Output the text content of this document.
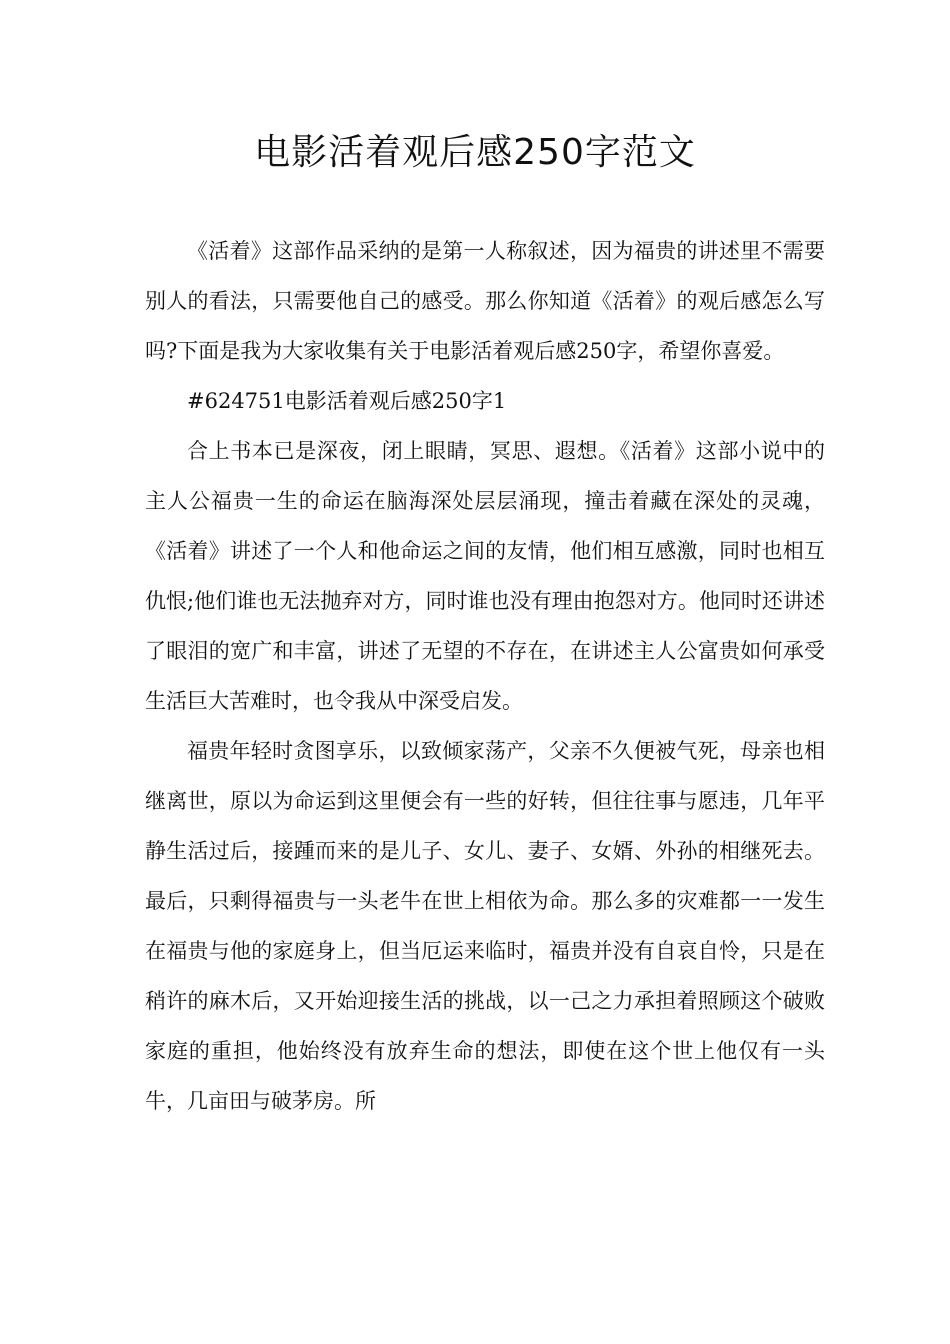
电影活着观后感250字范文

《活着》这部作品采纳的是第一人称叙述，因为福贵的讲述里不需要别人的看法，只需要他自己的感受。那么你知道《活着》的观后感怎么写吗?下面是我为大家收集有关于电影活着观后感250字，希望你喜爱。

#624751电影活着观后感250字1

合上书本已是深夜，闭上眼睛，冥思、遐想。《活着》这部小说中的主人公福贵一生的命运在脑海深处层层涌现，撞击着藏在深处的灵魂，《活着》讲述了一个人和他命运之间的友情，他们相互感激，同时也相互仇恨;他们谁也无法抛弃对方，同时谁也没有理由抱怨对方。他同时还讲述了眼泪的宽广和丰富，讲述了无望的不存在，在讲述主人公富贵如何承受生活巨大苦难时，也令我从中深受启发。

福贵年轻时贪图享乐，以致倾家荡产，父亲不久便被气死，母亲也相继离世，原以为命运到这里便会有一些的好转，但往往事与愿违，几年平静生活过后，接踵而来的是儿子、女儿、妻子、女婿、外孙的相继死去。最后，只剩得福贵与一头老牛在世上相依为命。那么多的灾难都一一发生在福贵与他的家庭身上，但当厄运来临时，福贵并没有自哀自怜，只是在稍许的麻木后，又开始迎接生活的挑战，以一己之力承担着照顾这个破败家庭的重担，他始终没有放弃生命的想法，即使在这个世上他仅有一头牛，几亩田与破茅房。所
